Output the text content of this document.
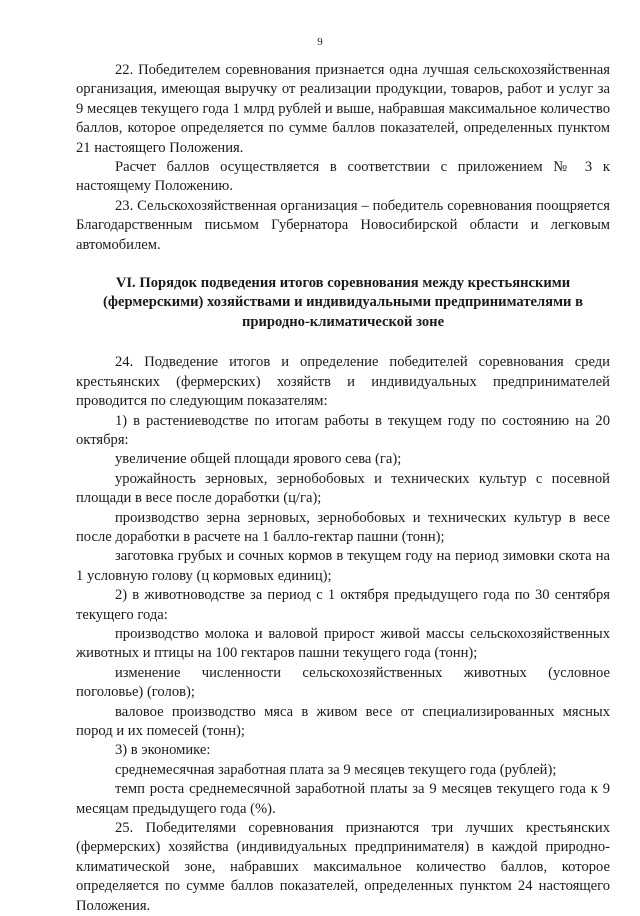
9

22. Победителем соревнования признается одна лучшая сельскохозяйственная организация, имеющая выручку от реализации продукции, товаров, работ и услуг за 9 месяцев текущего года 1 млрд рублей и выше, набравшая максимальное количество баллов, которое определяется по сумме баллов показателей, определенных пунктом 21 настоящего Положения.

Расчет баллов осуществляется в соответствии с приложением № 3 к настоящему Положению.

23. Сельскохозяйственная организация – победитель соревнования поощряется Благодарственным письмом Губернатора Новосибирской области и легковым автомобилем.

VI. Порядок подведения итогов соревнования между крестьянскими (фермерскими) хозяйствами и индивидуальными предпринимателями в природно-климатической зоне

24. Подведение итогов и определение победителей соревнования среди крестьянских (фермерских) хозяйств и индивидуальных предпринимателей проводится по следующим показателям:

1) в растениеводстве по итогам работы в текущем году по состоянию на 20 октября:

увеличение общей площади ярового сева (га);

урожайность зерновых, зернобобовых и технических культур с посевной площади в весе после доработки (ц/га);

производство зерна зерновых, зернобобовых и технических культур в весе после доработки в расчете на 1 балло-гектар пашни (тонн);

заготовка грубых и сочных кормов в текущем году на период зимовки скота на 1 условную голову (ц кормовых единиц);

2) в животноводстве за период с 1 октября предыдущего года по 30 сентября текущего года:

производство молока и валовой прирост живой массы сельскохозяйственных животных и птицы на 100 гектаров пашни текущего года (тонн);

изменение численности сельскохозяйственных животных (условное поголовье) (голов);

валовое производство мяса в живом весе от специализированных мясных пород и их помесей (тонн);

3) в экономике:

среднемесячная заработная плата за 9 месяцев текущего года (рублей);

темп роста среднемесячной заработной платы за 9 месяцев текущего года к 9 месяцам предыдущего года (%).

25. Победителями соревнования признаются три лучших крестьянских (фермерских) хозяйства (индивидуальных предпринимателя) в каждой природно-климатической зоне, набравших максимальное количество баллов, которое определяется по сумме баллов показателей, определенных пунктом 24 настоящего Положения.
